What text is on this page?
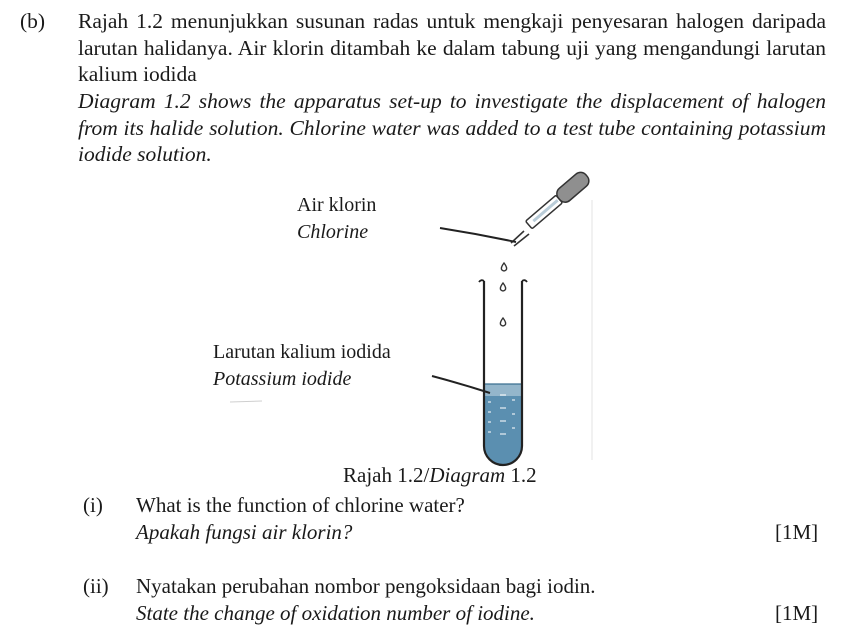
(b) Rajah 1.2 menunjukkan susunan radas untuk mengkaji penyesaran halogen daripada larutan halidanya. Air klorin ditambah ke dalam tabung uji yang mengandungi larutan kalium iodida
Diagram 1.2 shows the apparatus set-up to investigate the displacement of halogen from its halide solution. Chlorine water was added to a test tube containing potassium iodide solution.
Air klorin
Chlorine
Larutan kalium iodida
Potassium iodide
Rajah 1.2/Diagram 1.2
(i) What is the function of chlorine water?
Apakah fungsi air klorin?	[1M]
(ii) Nyatakan perubahan nombor pengoksidaan bagi iodin.
State the change of oxidation number of iodine.	[1M]
